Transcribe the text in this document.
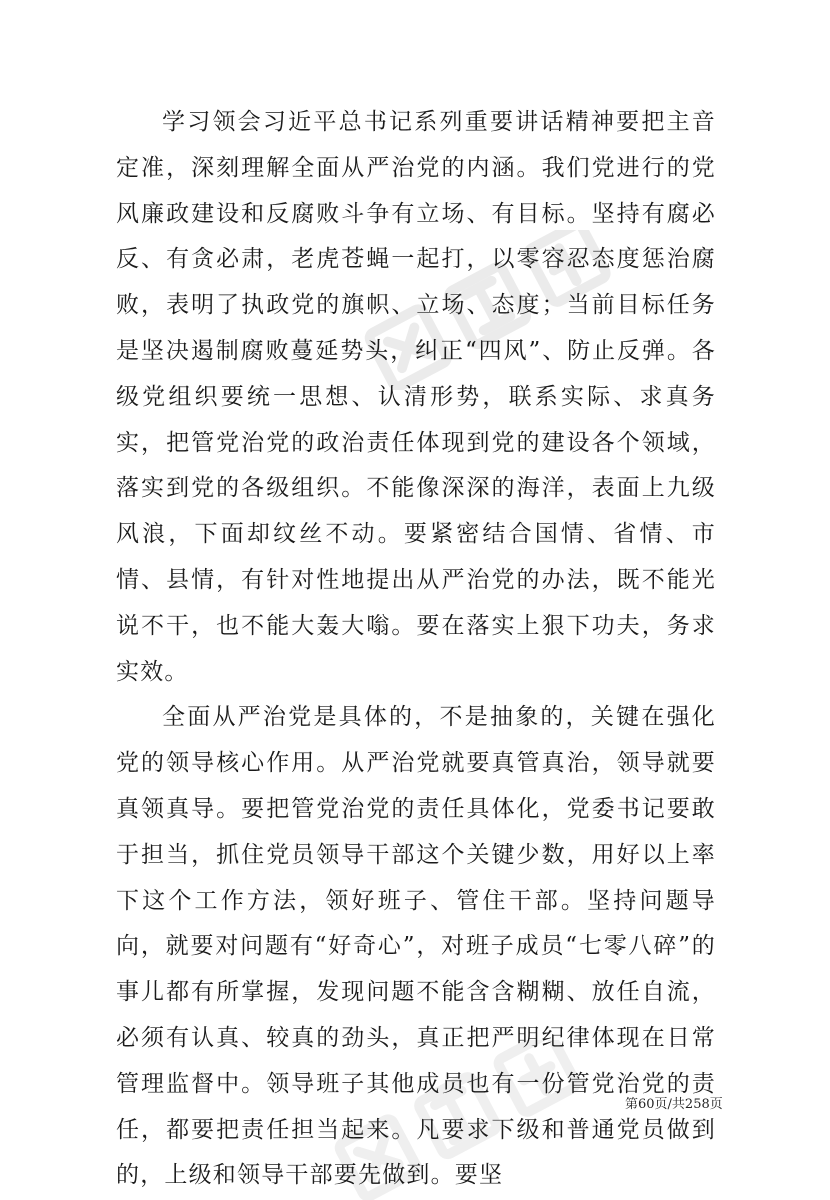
学习领会习近平总书记系列重要讲话精神要把主音定准，深刻理解全面从严治党的内涵。我们党进行的党风廉政建设和反腐败斗争有立场、有目标。坚持有腐必反、有贪必肃，老虎苍蝇一起打，以零容忍态度惩治腐败，表明了执政党的旗帜、立场、态度；当前目标任务是坚决遏制腐败蔓延势头，纠正“四风”、防止反弹。各级党组织要统一思想、认清形势，联系实际、求真务实，把管党治党的政治责任体现到党的建设各个领域，落实到党的各级组织。不能像深深的海洋，表面上九级风浪，下面却纹丝不动。要紧密结合国情、省情、市情、县情，有针对性地提出从严治党的办法，既不能光说不干，也不能大轰大嗡。要在落实上狠下功夫，务求实效。

全面从严治党是具体的，不是抽象的，关键在强化党的领导核心作用。从严治党就要真管真治，领导就要真领真导。要把管党治党的责任具体化，党委书记要敢于担当，抓住党员领导干部这个关键少数，用好以上率下这个工作方法，领好班子、管住干部。坚持问题导向，就要对问题有“好奇心”，对班子成员“七零八碎”的事儿都有所掌握，发现问题不能含含糊糊、放任自流，必须有认真、较真的劲头，真正把严明纪律体现在日常管理监督中。领导班子其他成员也有一份管党治党的责任，都要把责任担当起来。凡要求下级和普通党员做到的，上级和领导干部要先做到。要坚

第60页/共258页
